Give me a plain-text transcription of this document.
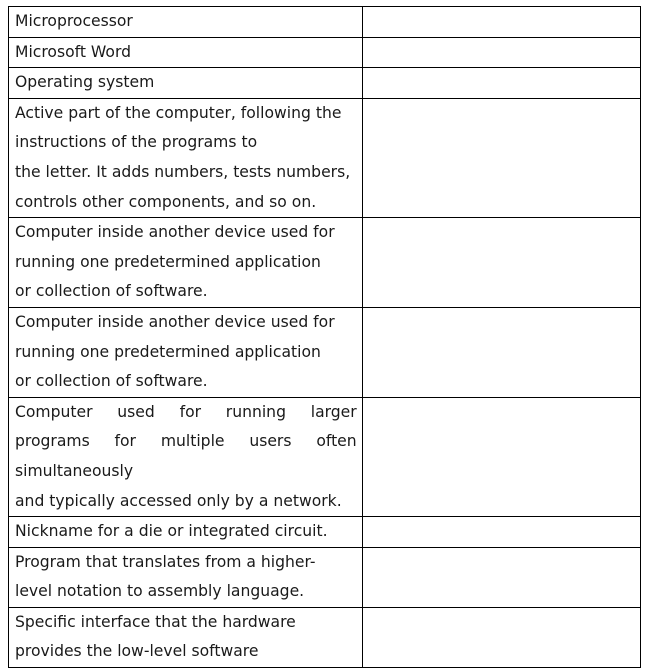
Microprocessor	

Microsoft Word	

Operating system	

Active part of the computer, following the
instructions of the programs to
the letter. It adds numbers, tests numbers,
controls other components, and so on.	

Computer inside another device used for
running one predetermined application
or collection of software.	

Computer inside another device used for
running one predetermined application
or collection of software.	

Computer used for running larger
programs for multiple users often
simultaneously
and typically accessed only by a network.	

Nickname for a die or integrated circuit.	

Program that translates from a higher-
level notation to assembly language.	

Specific interface that the hardware
provides the low-level software	
